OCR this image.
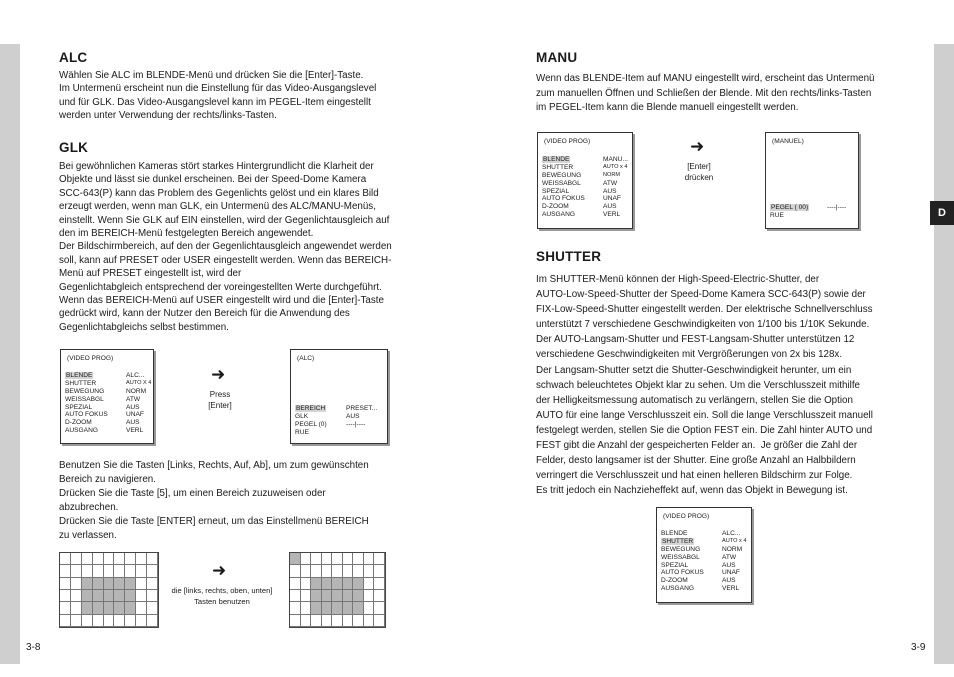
D
ALC
Wählen Sie ALC im BLENDE-Menü und drücken Sie die [Enter]-Taste.
Im Untermenü erscheint nun die Einstellung für das Video-Ausgangslevel
und für GLK. Das Video-Ausgangslevel kann im PEGEL-Item eingestellt
werden unter Verwendung der rechts/links-Tasten.
GLK
Bei gewöhnlichen Kameras stört starkes Hintergrundlicht die Klarheit der
Objekte und lässt sie dunkel erscheinen. Bei der Speed-Dome Kamera
SCC-643(P) kann das Problem des Gegenlichts gelöst und ein klares Bild
erzeugt werden, wenn man GLK, ein Untermenü des ALC/MANU-Menüs,
einstellt. Wenn Sie GLK auf EIN einstellen, wird der Gegenlichtausgleich auf
den im BEREICH-Menü festgelegten Bereich angewendet.
Der Bildschirmbereich, auf den der Gegenlichtausgleich angewendet werden
soll, kann auf PRESET oder USER eingestellt werden. Wenn das BEREICH-
Menü auf PRESET eingestellt ist, wird der
Gegenlichtabgleich entsprechend der voreingestellten Werte durchgeführt.
Wenn das BEREICH-Menü auf USER eingestellt wird und die [Enter]-Taste
gedrückt wird, kann der Nutzer den Bereich für die Anwendung des
Gegenlichtabgleichs selbst bestimmen.
(VIDEO PROG)
BLENDE	ALC...
SHUTTER	AUTO X 4
BEWEGUNG	NORM
WEISSABGL	ATW
SPEZIAL	AUS
AUTO FOKUS	UNAF
D-ZOOM	AUS
AUSGANG	VERL
➜
Press
[Enter]
(ALC)
BEREICH	PRESET...
GLK	AUS
PEGEL (0)	----|----
RUE
Benutzen Sie die Tasten [Links, Rechts, Auf, Ab], um zum gewünschten
Bereich zu navigieren.
Drücken Sie die Taste [5], um einen Bereich zuzuweisen oder
abzubrechen.
Drücken Sie die Taste [ENTER] erneut, um das Einstellmenü BEREICH
zu verlassen.
➜
die [links, rechts, oben, unten]
Tasten benutzen
3-8
MANU
Wenn das BLENDE-Item auf MANU eingestellt wird, erscheint das Untermenü
zum manuellen Öffnen und Schließen der Blende. Mit den rechts/links-Tasten
im PEGEL-Item kann die Blende manuell eingestellt werden.
(VIDEO PROG)
BLENDE	MANU...
SHUTTER	AUTO x 4
BEWEGUNG	NORM
WEISSABGL	ATW
SPEZIAL	AUS
AUTO FOKUS	UNAF
D-ZOOM	AUS
AUSGANG	VERL
➜
[Enter]
drücken
(MANUEL)
PEGEL ( 00)	----|----
RUE
SHUTTER
Im SHUTTER-Menü können der High-Speed-Electric-Shutter, der
AUTO-Low-Speed-Shutter der Speed-Dome Kamera SCC-643(P) sowie der
FIX-Low-Speed-Shutter eingestellt werden. Der elektrische Schnellverschluss
unterstützt 7 verschiedene Geschwindigkeiten von 1/100 bis 1/10K Sekunde.
Der AUTO-Langsam-Shutter und FEST-Langsam-Shutter unterstützen 12
verschiedene Geschwindigkeiten mit Vergrößerungen von 2x bis 128x.
Der Langsam-Shutter setzt die Shutter-Geschwindigkeit herunter, um ein
schwach beleuchtetes Objekt klar zu sehen. Um die Verschlusszeit mithilfe
der Helligkeitsmessung automatisch zu verlängern, stellen Sie die Option
AUTO für eine lange Verschlusszeit ein. Soll die lange Verschlusszeit manuell
festgelegt werden, stellen Sie die Option FEST ein. Die Zahl hinter AUTO und
FEST gibt die Anzahl der gespeicherten Felder an.  Je größer die Zahl der
Felder, desto langsamer ist der Shutter. Eine große Anzahl an Halbbildern
verringert die Verschlusszeit und hat einen helleren Bildschirm zur Folge.
Es tritt jedoch ein Nachzieheffekt auf, wenn das Objekt in Bewegung ist.
(VIDEO PROG)
BLENDE	ALC...
SHUTTER	AUTO x 4
BEWEGUNG	NORM
WEISSABGL	ATW
SPEZIAL	AUS
AUTO FOKUS	UNAF
D-ZOOM	AUS
AUSGANG	VERL
3-9
